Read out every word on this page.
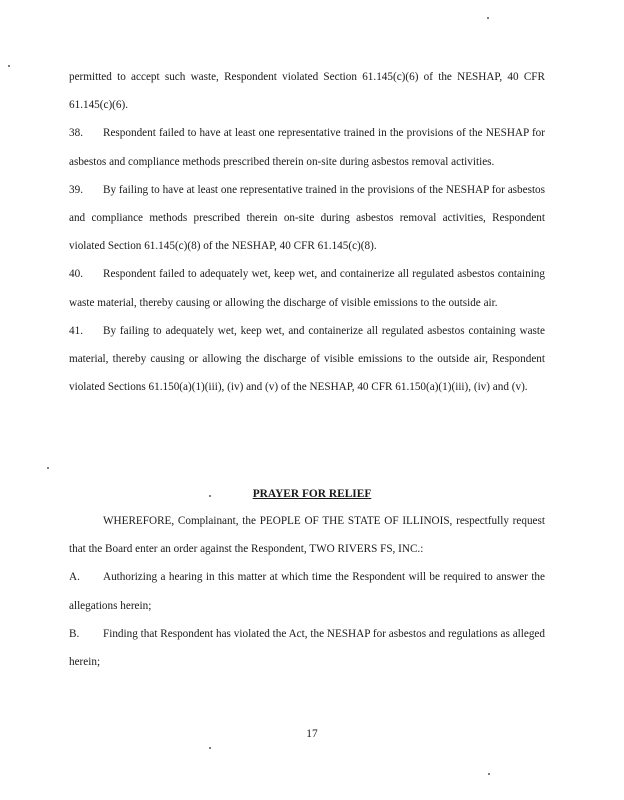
permitted to accept such waste, Respondent violated Section 61.145(c)(6) of the NESHAP, 40 CFR 61.145(c)(6).

38. Respondent failed to have at least one representative trained in the provisions of the NESHAP for asbestos and compliance methods prescribed therein on-site during asbestos removal activities.

39. By failing to have at least one representative trained in the provisions of the NESHAP for asbestos and compliance methods prescribed therein on-site during asbestos removal activities, Respondent violated Section 61.145(c)(8) of the NESHAP, 40 CFR 61.145(c)(8).

40. Respondent failed to adequately wet, keep wet, and containerize all regulated asbestos containing waste material, thereby causing or allowing the discharge of visible emissions to the outside air.

41. By failing to adequately wet, keep wet, and containerize all regulated asbestos containing waste material, thereby causing or allowing the discharge of visible emissions to the outside air, Respondent violated Sections 61.150(a)(1)(iii), (iv) and (v) of the NESHAP, 40 CFR 61.150(a)(1)(iii), (iv) and (v).

PRAYER FOR RELIEF

WHEREFORE, Complainant, the PEOPLE OF THE STATE OF ILLINOIS, respectfully request that the Board enter an order against the Respondent, TWO RIVERS FS, INC.:

A. Authorizing a hearing in this matter at which time the Respondent will be required to answer the allegations herein;

B. Finding that Respondent has violated the Act, the NESHAP for asbestos and regulations as alleged herein;

17
